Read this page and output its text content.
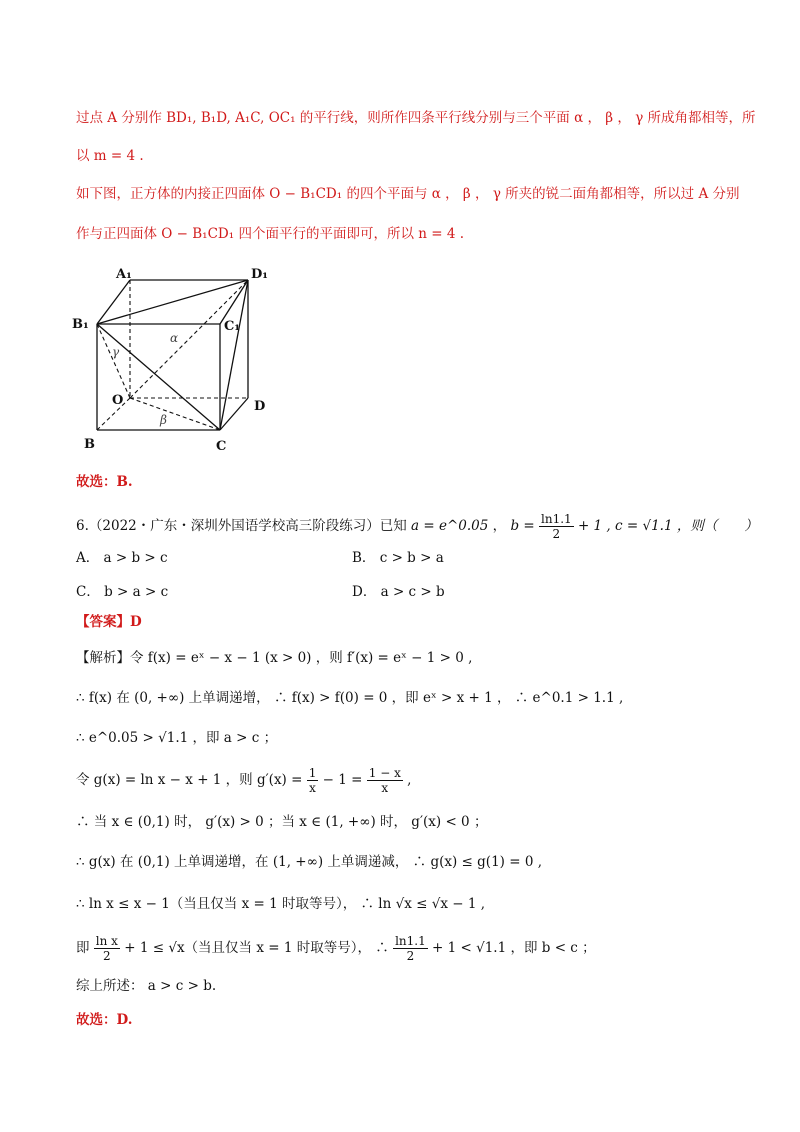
过点 A 分别作 BD₁, B₁D, A₁C, OC₁ 的平行线，则所作四条平行线分别与三个平面 α ， β ， γ 所成角都相等，所
以 m = 4 .
如下图，正方体的内接正四面体 O − B₁CD₁ 的四个平面与 α ， β ， γ 所夹的锐二面角都相等，所以过 A 分别
作与正四面体 O − B₁CD₁ 四个面平行的平面即可，所以 n = 4 .
A₁	D₁
B₁	C₁
O	D
B	C
α
β
γ
故选：B.
6.（2022・广东・深圳外国语学校高三阶段练习）已知 a = e^0.05 ， $b = \frac{\ln 1.1}{2} + 1$ , c = √1.1 ，则（　　）
A． a > b > c	B． c > b > a
C． b > a > c	D． a > c > b
【答案】D
【解析】令 f(x) = eˣ − x − 1 (x > 0) ，则 f′(x) = eˣ − 1 > 0 ,
∴ f(x) 在 (0, +∞) 上单调递增， ∴ f(x) > f(0) = 0 ，即 eˣ > x + 1 ， ∴ e^0.1 > 1.1 ,
∴ e^0.05 > √1.1 ，即 a > c ；
令 g(x) = ln x − x + 1 ，则 $g'(x) = \frac{1}{x} - 1 = \frac{1 - x}{x}$ ,
∴ 当 x ∈ (0,1) 时， g′(x) > 0 ；当 x ∈ (1, +∞) 时， g′(x) < 0 ；
∴ g(x) 在 (0,1) 上单调递增，在 (1, +∞) 上单调递减， ∴ g(x) ≤ g(1) = 0 ,
∴ ln x ≤ x − 1（当且仅当 x = 1 时取等号）， ∴ ln √x ≤ √x − 1 ,
即 $\frac{\text{ln x}}{2} + 1 \le √x$（当且仅当 x = 1 时取等号）， ∴ $\frac{\ln 1.1}{2} + 1 < √1.1$ ，即 b < c ；
综上所述： a > c > b.
故选：D.
